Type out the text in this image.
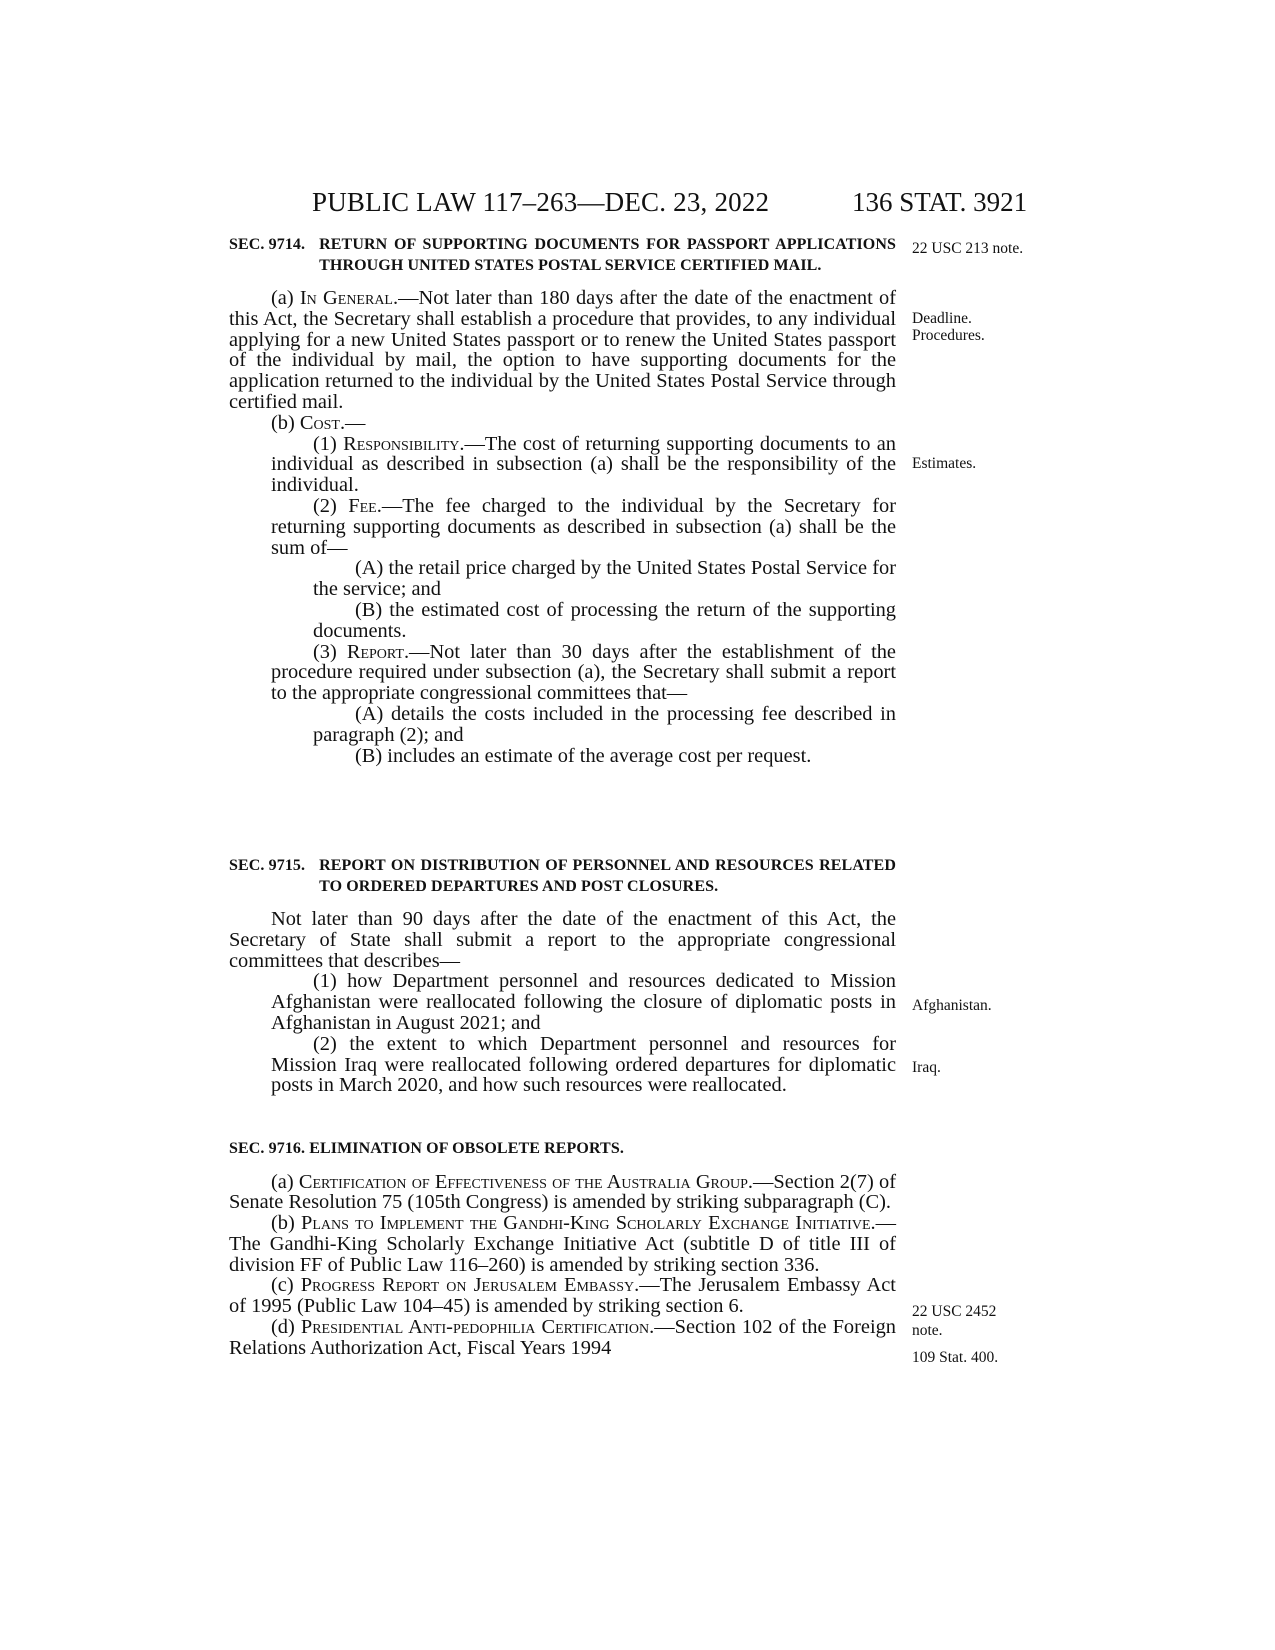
PUBLIC LAW 117–263—DEC. 23, 2022	136 STAT. 3921
SEC. 9714. RETURN OF SUPPORTING DOCUMENTS FOR PASSPORT APPLICATIONS THROUGH UNITED STATES POSTAL SERVICE CERTIFIED MAIL.

(a) In General.—Not later than 180 days after the date of the enactment of this Act, the Secretary shall establish a procedure that provides, to any individual applying for a new United States passport or to renew the United States passport of the individual by mail, the option to have supporting documents for the application returned to the individual by the United States Postal Service through certified mail.

(b) Cost.—

(1) Responsibility.—The cost of returning supporting documents to an individual as described in subsection (a) shall be the responsibility of the individual.

(2) Fee.—The fee charged to the individual by the Secretary for returning supporting documents as described in subsection (a) shall be the sum of—

(A) the retail price charged by the United States Postal Service for the service; and

(B) the estimated cost of processing the return of the supporting documents.

(3) Report.—Not later than 30 days after the establishment of the procedure required under subsection (a), the Secretary shall submit a report to the appropriate congressional committees that—

(A) details the costs included in the processing fee described in paragraph (2); and

(B) includes an estimate of the average cost per request.

SEC. 9715. REPORT ON DISTRIBUTION OF PERSONNEL AND RESOURCES RELATED TO ORDERED DEPARTURES AND POST CLOSURES.

Not later than 90 days after the date of the enactment of this Act, the Secretary of State shall submit a report to the appropriate congressional committees that describes—

(1) how Department personnel and resources dedicated to Mission Afghanistan were reallocated following the closure of diplomatic posts in Afghanistan in August 2021; and

(2) the extent to which Department personnel and resources for Mission Iraq were reallocated following ordered departures for diplomatic posts in March 2020, and how such resources were reallocated.

SEC. 9716. ELIMINATION OF OBSOLETE REPORTS.

(a) Certification of Effectiveness of the Australia Group.—Section 2(7) of Senate Resolution 75 (105th Congress) is amended by striking subparagraph (C).

(b) Plans to Implement the Gandhi-King Scholarly Exchange Initiative.—The Gandhi-King Scholarly Exchange Initiative Act (subtitle D of title III of division FF of Public Law 116–260) is amended by striking section 336.

(c) Progress Report on Jerusalem Embassy.—The Jerusalem Embassy Act of 1995 (Public Law 104–45) is amended by striking section 6.

(d) Presidential Anti-pedophilia Certification.—Section 102 of the Foreign Relations Authorization Act, Fiscal Years 1994

22 USC 213 note.
Deadline.
Procedures.
Estimates.
Afghanistan.
Iraq.
22 USC 2452
note.
109 Stat. 400.
